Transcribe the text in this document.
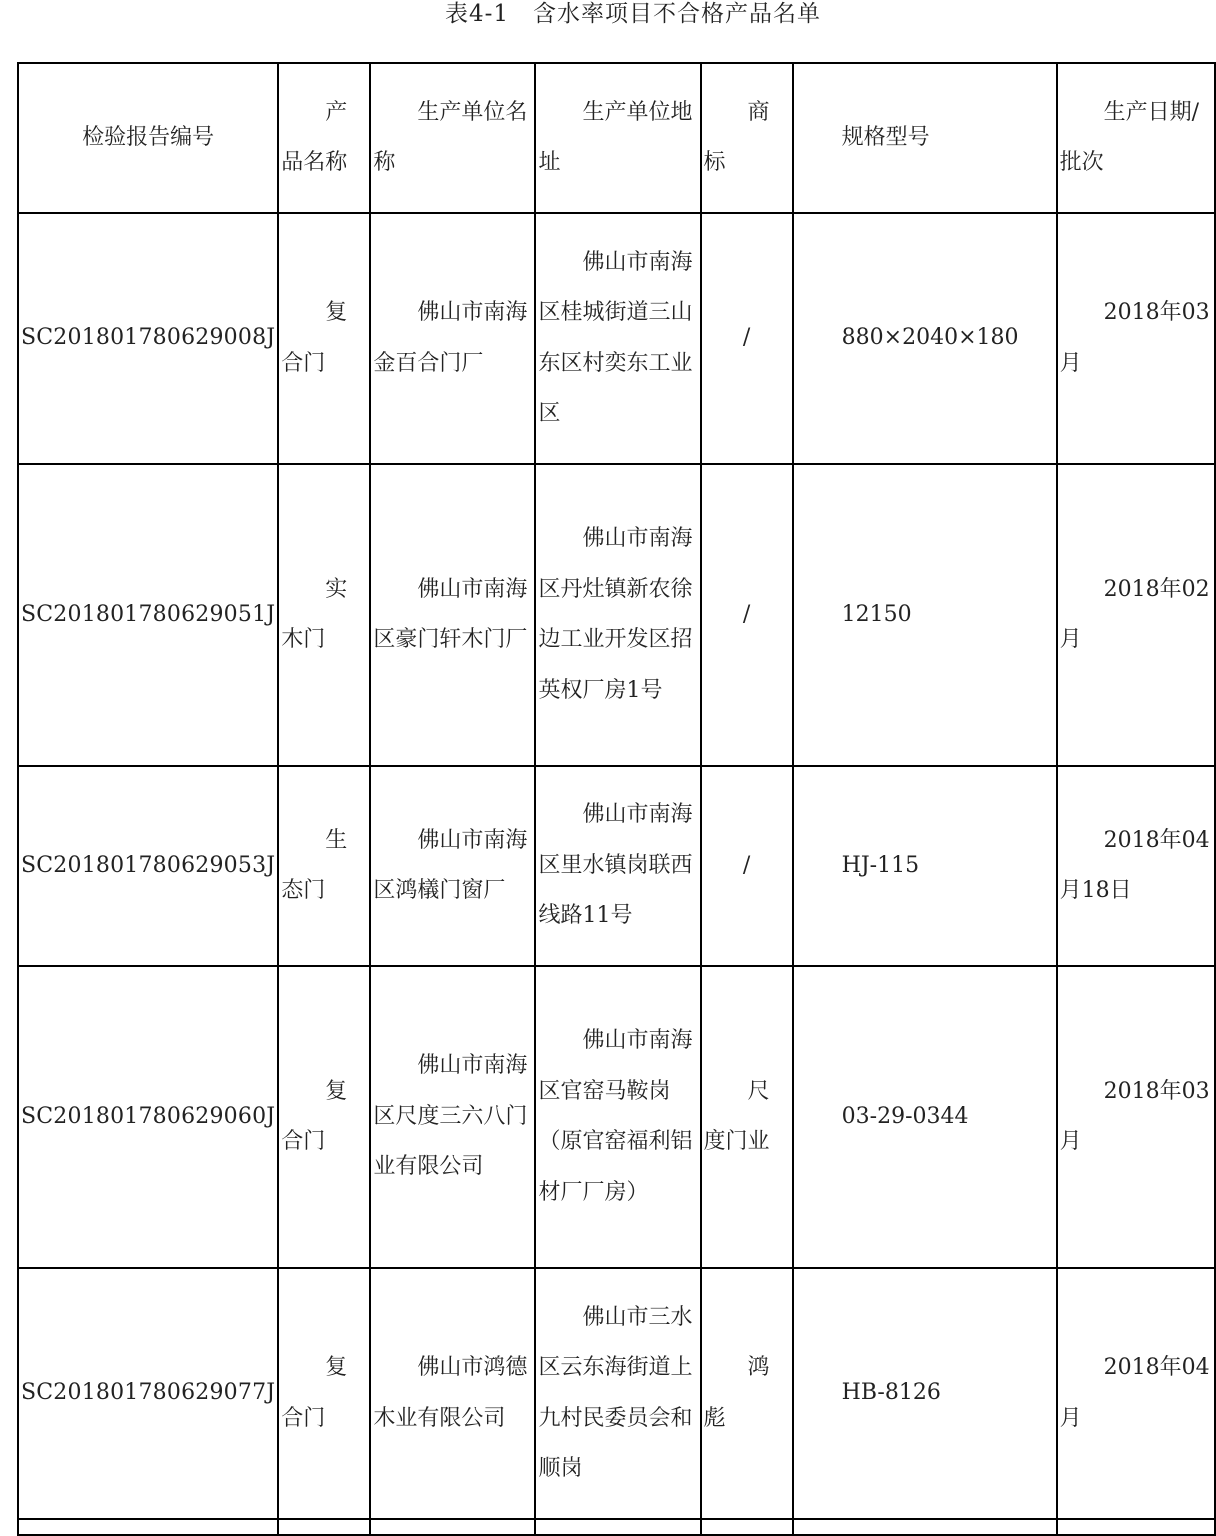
表4-1　含水率项目不合格产品名单
检验报告编号	产品名称	生产单位名称	生产单位地址	商标	规格型号	生产日期/批次
SC201801780629008J	复合门	佛山市南海金百合门厂	佛山市南海区桂城街道三山东区村奕东工业区	/	880×2040×180	2018年03月
SC201801780629051J	实木门	佛山市南海区豪门轩木门厂	佛山市南海区丹灶镇新农徐边工业开发区招英权厂房1号	/	12150	2018年02月
SC201801780629053J	生态门	佛山市南海区鸿檥门窗厂	佛山市南海区里水镇岗联西线路11号	/	HJ-115	2018年04月18日
SC201801780629060J	复合门	佛山市南海区尺度三六八门业有限公司	佛山市南海区官窑马鞍岗（原官窑福利铝材厂厂房）	尺度门业	03-29-0344	2018年03月
SC201801780629077J	复合门	佛山市鸿德木业有限公司	佛山市三水区云东海街道上九村民委员会和顺岗	鸿彪	HB-8126	2018年04月
